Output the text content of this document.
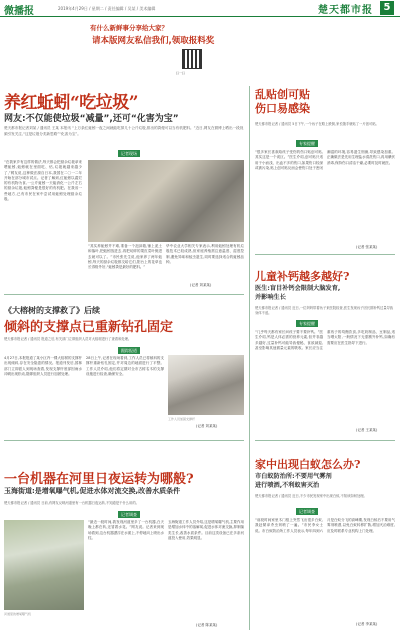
微播报	2019年4月29日 / 星期二 / 责任编辑 / 吴某 / 美术编辑	楚天都市报	5
有什么新鲜事分享给大家？
请本版网友私信我们,领取报料奖
扫一扫
养红蚯蚓“吃垃圾”
网友:不仅能使垃圾“减量”,还可“化害为宝”
楚天都市报记者刘某 / 通讯员 王某 本报讯 “上万条红蚯蚓一夜之间就能吃掉几十公斤垃圾,排出的粪便可以当有机肥料。”近日,网友在微博上晒出一段视频引发关注,“这是垃圾分类新思路”“化害为宝”。
记者现场
“在我家乡有这样的做法,每天都会把厨余垃圾拿来喂蚯蚓,蚯蚓就在里面吃、钻,垃圾就越来越少了,”网友说,这种做法源自日本,我国在二〇一二年开始在部分城市试点。记者了解到,红蚯蚓以腐烂的有机物为食,一公斤蚯蚓一天能消化一公斤左右的厨余垃圾,蚯蚓粪便是很好的有机肥。在我省一些地方,已有市民在家中尝试用蚯蚓处理厨余垃圾。
“其实养蚯蚓并不难,准备一个泡沫箱,铺上泥土和落叶,把蚯蚓放进去,再把切碎的果皮菜叶倒进去就可以了。”市民张先生说,他家养了两年蚯蚓,每天的厨余垃圾都交给它们,阳台上的花草也长得格外好,“蚯蚓粪是最好的肥料。”
华中农业大学相关专家表示,利用蚯蚓处理有机垃圾技术已较成熟,但家庭养殖需注意温度、湿度控制,避免异味和蚊虫滋生,同时要选择适合的蚯蚓品种。
(记者 刘某某)
《大榕树的支撑救了》后续
倾斜的支撑点已重新钻孔固定
楚天都市报记者 / 通讯员 报道之后,有关部门立即组织人员对大榕树进行了查看和处理。
跟踪报道
4月27日,本报报道了某小区内一棵大榕树的支撑杆出现倾斜,存在安全隐患的情况。报道刊发后,园林部门立即派人到现场查看,发现支撑杆底部因雨水冲刷出现松动,随即组织人员进行加固处理。
28日上午,记者在现场看到,工作人员已将倾斜的支撑杆重新钻孔固定,并对周边的地面进行了平整。工作人员介绍,他们将定期对全市古树名木的支撑设施进行检查,确保安全。
工作人员加固支撑杆
(记者 刘某某)
一台机器在河里日夜运转为哪般?
玉海街道:是增氧曝气机,促进水体对流交换,改善水质条件
楚天都市报记者 / 通讯员 日前,有网友反映河道里有一台机器日夜运转,不知道是干什么用的。
记者调查
河道里的增氧曝气机
“最近一段时间,我发现河道里多了一台机器,白天晚上都在转,还冒着水花。”网友说。记者来到现场看到,这台机器漂浮在水面上,不停地向上喷出水柱。
玉海街道工作人员介绍,这是增氧曝气机,主要作用是增加水体中的溶解氧,促进水体对流交换,抑制藻类生长,改善水质条件。目前这类设备已在多条河道投入使用,效果明显。
(记者 陈某某)
乱贴创可贴
伤口易感染
楚天都市报记者 / 通讯员 5日下午,一个孩子在路上跌倒,家长随手就贴了一片创可贴。
专家提醒
“很多家长喜欢给孩子受伤的伤口贴创可贴,其实这是一个误区。”医生介绍,创可贴只适用于小而浅、出血不多的伤口,如果伤口较深或被污染,贴上创可贴反而会使伤口处于密闭潮湿的环境,容易滋生细菌,导致感染加重。正确做法是先用生理盐水清洗伤口,再用碘伏消毒,保持伤口清洁干燥,必要时及时就医。
(记者 张某某)
儿童补钙越多越好?
医生:盲目补钙会限制大脑发育,
并影响生长
楚天都市报记者 / 通讯员 近日,一位妈妈带着孩子来医院检查,医生发现孩子因长期补钙过量导致身体不适。
专家提醒
“几乎每天都有家长问孩子要不要补钙。”医生介绍,钙是人体必需的营养元素,但并非越多越好,过量补钙可能导致便秘、食欲减退,甚至影响其他微量元素的吸收。家长应当注重孩子的均衡饮食,多吃奶制品、豆制品,适当晒太阳,一般情况下无需额外补钙,如确有需要应在医生指导下进行。
(记者 王某某)
家中出现白蚁怎么办?
市白蚁防治所:不要用气雾剂
进行喷洒,不利蚁害灭治
楚天都市报记者 / 通讯员 近日,不少市民发现家中出现白蚁,不知该如何处理。
记者调查
“前段时间家里木门框上突然飞出很多白蚁,我赶紧拿杀虫剂喷了一遍。”市民李女士说。市白蚁防治所工作人员表示,每年四到六月是白蚁分飞的高峰期,发现白蚁后不要用气雾剂喷洒,以免白蚁转移扩散,增加灭治难度,应及时联系专业机构上门处理。
(记者 李某某)
